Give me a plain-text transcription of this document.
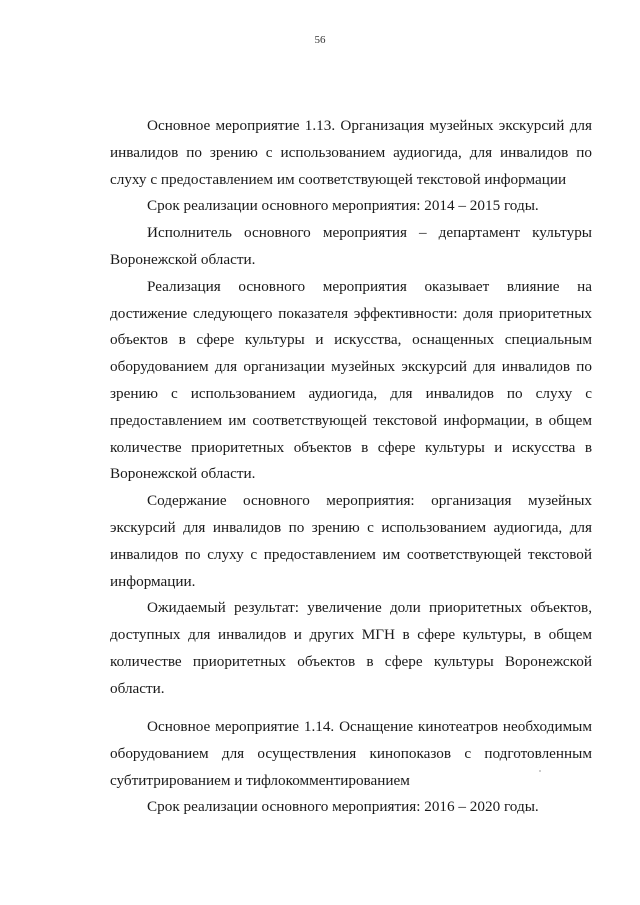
56

Основное мероприятие 1.13. Организация музейных экскурсий для инвалидов по зрению с использованием аудиогида, для инвалидов по слуху с предоставлением им соответствующей текстовой информации

Срок реализации основного мероприятия: 2014 – 2015 годы.

Исполнитель основного мероприятия – департамент культуры Воронежской области.

Реализация основного мероприятия оказывает влияние на достижение следующего показателя эффективности: доля приоритетных объектов в сфере культуры и искусства, оснащенных специальным оборудованием для организации музейных экскурсий для инвалидов по зрению с использованием аудиогида, для инвалидов по слуху с предоставлением им соответствующей текстовой информации, в общем количестве приоритетных объектов в сфере культуры и искусства в Воронежской области.

Содержание основного мероприятия: организация музейных экскурсий для инвалидов по зрению с использованием аудиогида, для инвалидов по слуху с предоставлением им соответствующей текстовой информации.

Ожидаемый результат: увеличение доли приоритетных объектов, доступных для инвалидов и других МГН в сфере культуры, в общем количестве приоритетных объектов в сфере культуры Воронежской области.

Основное мероприятие 1.14. Оснащение кинотеатров необходимым оборудованием для осуществления кинопоказов с подготовленным субтитрированием и тифлокомментированием

Срок реализации основного мероприятия: 2016 – 2020 годы.
